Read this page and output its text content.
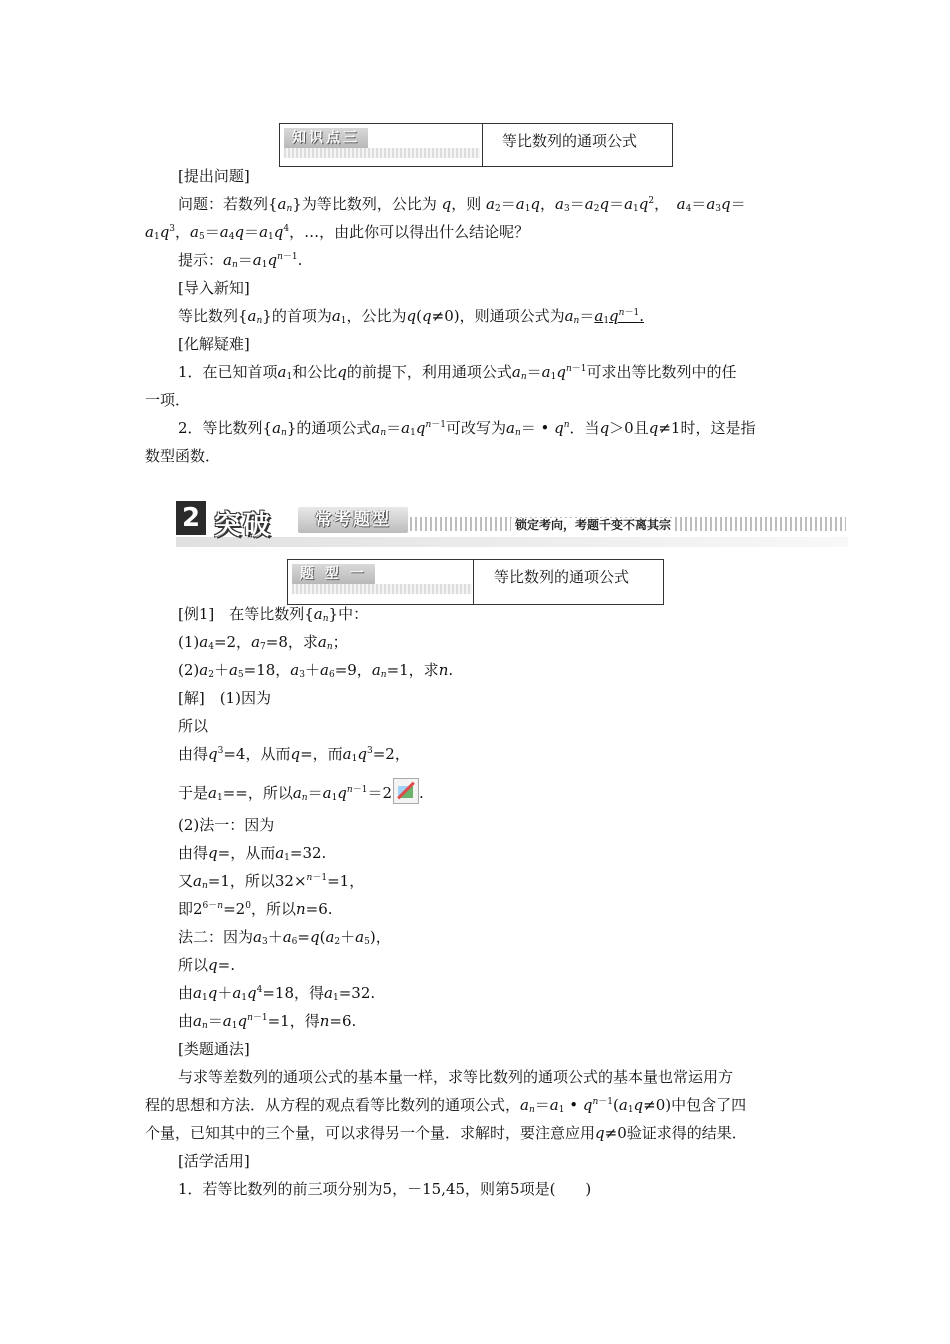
知识点三	等比数列的通项公式
[提出问题]
问题：若数列$\{a_n\}$为等比数列，公比为 q，则 $a_2=a_1q$，$a_3=a_2q=a_1q^2$，　$a_4=a_3q=$
$a_1q^3$，$a_5=a_4q=a_1q^4$，…，由此你可以得出什么结论呢？
提示：$a_n=a_1q^{n-1}$.
[导入新知]
等比数列$\{a_n\}$的首项为$a_1$，公比为q(q≠0)，则通项公式为$a_n=a_1q^{n-1}$.
[化解疑难]
1．在已知首项$a_1$和公比q的前提下，利用通项公式$a_n=a_1q^{n-1}$可求出等比数列中的任
一项．
2．等比数列$\{a_n\}$的通项公式$a_n=a_1q^{n-1}$可改写为$a_n=$ • $q^n$．当q＞0且q≠1时，这是指
数型函数．
2 突破	常考题型	锁定考向，考题千变不离其宗
题 型 一	等比数列的通项公式
[例1]　在等比数列$\{a_n\}$中：
$(1)a_4=2$，$a_7=8$，求$a_n$；
$(2)a_2+a_5=18$，$a_3+a_6=9$，$a_n=1$，求n.
[解]　(1)因为
所以
由得$q^3=4$，从而q=，而$a_1q^3=2$，
于是$a_1==$，所以$a_n=a_1q^{n-1}=2$ .
(2)法一：因为
由得q=，从而$a_1=32$.
又$a_n=1$，所以32×$^{n-1}$=1，
即$2^{6-n}=2^0$，所以n=6.
法二：因为$a_3+a_6=q(a_2+a_5)$，
所以q=.
由$a_1q+a_1q^4=18$，得$a_1=32$.
由$a_n=a_1q^{n-1}=1$，得n=6.
[类题通法]
与求等差数列的通项公式的基本量一样，求等比数列的通项公式的基本量也常运用方
程的思想和方法．从方程的观点看等比数列的通项公式，$a_n=a_1$ • $q^{n-1}(a_1q\ne 0)$中包含了四
个量，已知其中的三个量，可以求得另一个量．求解时，要注意应用q≠0验证求得的结果．
[活学活用]
1．若等比数列的前三项分别为5，－15,45，则第5项是(　　)
